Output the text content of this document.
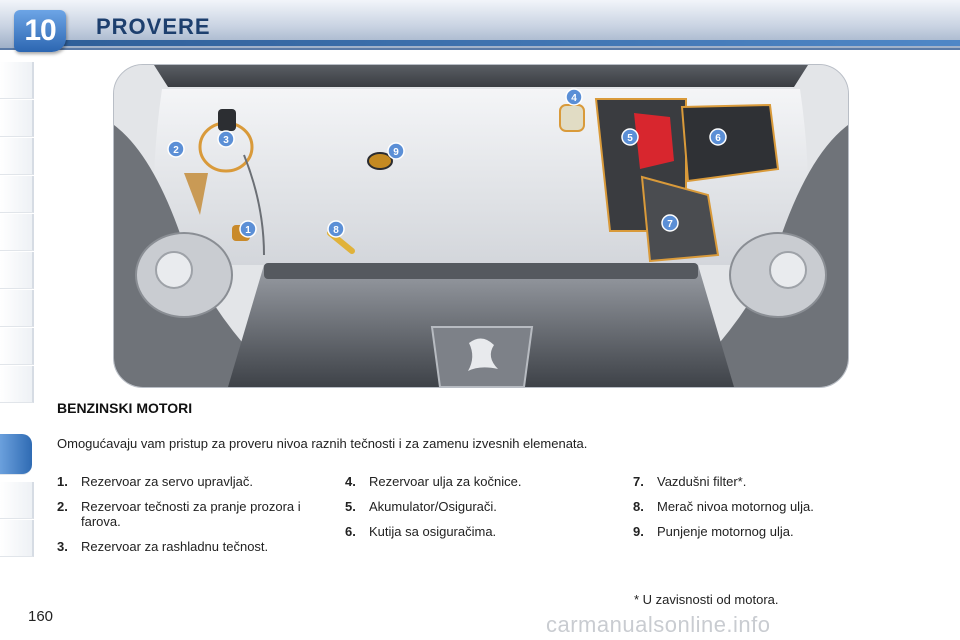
10	PROVERE
1
2
3
4
5	6
7
8
9
BENZINSKI MOTORI
Omogućavaju vam pristup za proveru nivoa raznih tečnosti i za zamenu izvesnih elemenata.
1. Rezervoar za servo upravljač.
2. Rezervoar tečnosti za pranje prozora i farova.
3. Rezervoar za rashladnu tečnost.
4. Rezervoar ulja za kočnice.
5. Akumulator/Osigurači.
6. Kutija sa osiguračima.
7. Vazdušni filter*.
8. Merač nivoa motornog ulja.
9. Punjenje motornog ulja.
* U zavisnosti od motora.
160	carmanualsonline.info
